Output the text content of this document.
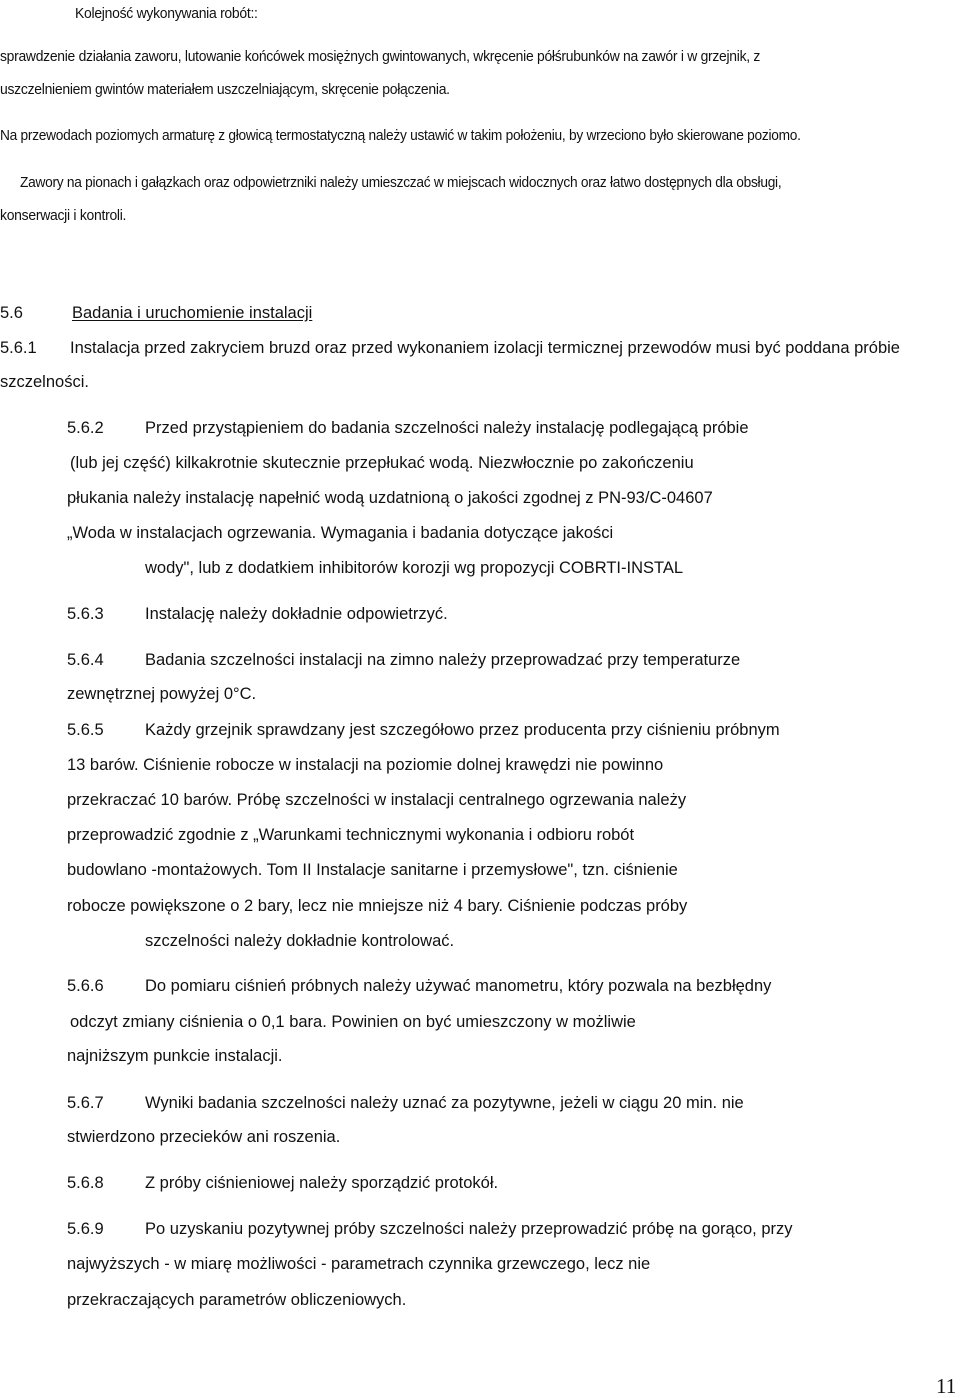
Kolejność wykonywania robót::
sprawdzenie działania zaworu, lutowanie końcówek mosiężnych gwintowanych, wkręcenie półśrubunków na zawór i w grzejnik, z
uszczelnieniem gwintów materiałem uszczelniającym, skręcenie połączenia.
Na przewodach poziomych armaturę z głowicą termostatyczną należy ustawić w takim położeniu, by wrzeciono było skierowane poziomo.
Zawory na pionach i gałązkach oraz odpowietrzniki należy umieszczać w miejscach widocznych oraz łatwo dostępnych dla obsługi,
konserwacji i kontroli.
5.6	Badania i uruchomienie instalacji
5.6.1 Instalacja przed zakryciem bruzd oraz przed wykonaniem izolacji termicznej przewodów musi być poddana próbie
szczelności.
5.6.2	Przed przystąpieniem do badania szczelności należy instalację podlegającą próbie
(lub jej część) kilkakrotnie skutecznie przepłukać wodą. Niezwłocznie po zakończeniu
płukania należy instalację napełnić wodą uzdatnioną o jakości zgodnej z PN-93/C-04607
„Woda w instalacjach ogrzewania. Wymagania i badania dotyczące jakości
wody", lub z dodatkiem inhibitorów korozji wg propozycji COBRTI-INSTAL
5.6.3	Instalację należy dokładnie odpowietrzyć.
5.6.4	Badania szczelności instalacji na zimno należy przeprowadzać przy temperaturze
zewnętrznej powyżej 0°C.
5.6.5	Każdy grzejnik sprawdzany jest szczegółowo przez producenta przy ciśnieniu próbnym
13 barów. Ciśnienie robocze w instalacji na poziomie dolnej krawędzi nie powinno
przekraczać 10 barów. Próbę szczelności w instalacji centralnego ogrzewania należy
przeprowadzić zgodnie z „Warunkami technicznymi wykonania i odbioru robót
budowlano -montażowych. Tom II Instalacje sanitarne i przemysłowe", tzn. ciśnienie
robocze powiększone o 2 bary, lecz nie mniejsze niż 4 bary. Ciśnienie podczas próby
szczelności należy dokładnie kontrolować.
5.6.6	Do pomiaru ciśnień próbnych należy używać manometru, który pozwala na bezbłędny
odczyt zmiany ciśnienia o 0,1 bara. Powinien on być umieszczony w możliwie
najniższym punkcie instalacji.
5.6.7	Wyniki badania szczelności należy uznać za pozytywne, jeżeli w ciągu 20 min. nie
stwierdzono przecieków ani roszenia.
5.6.8	Z próby ciśnieniowej należy sporządzić protokół.
5.6.9	Po uzyskaniu pozytywnej próby szczelności należy przeprowadzić próbę na gorąco, przy
najwyższych - w miarę możliwości - parametrach czynnika grzewczego, lecz nie
przekraczających parametrów obliczeniowych.
11
